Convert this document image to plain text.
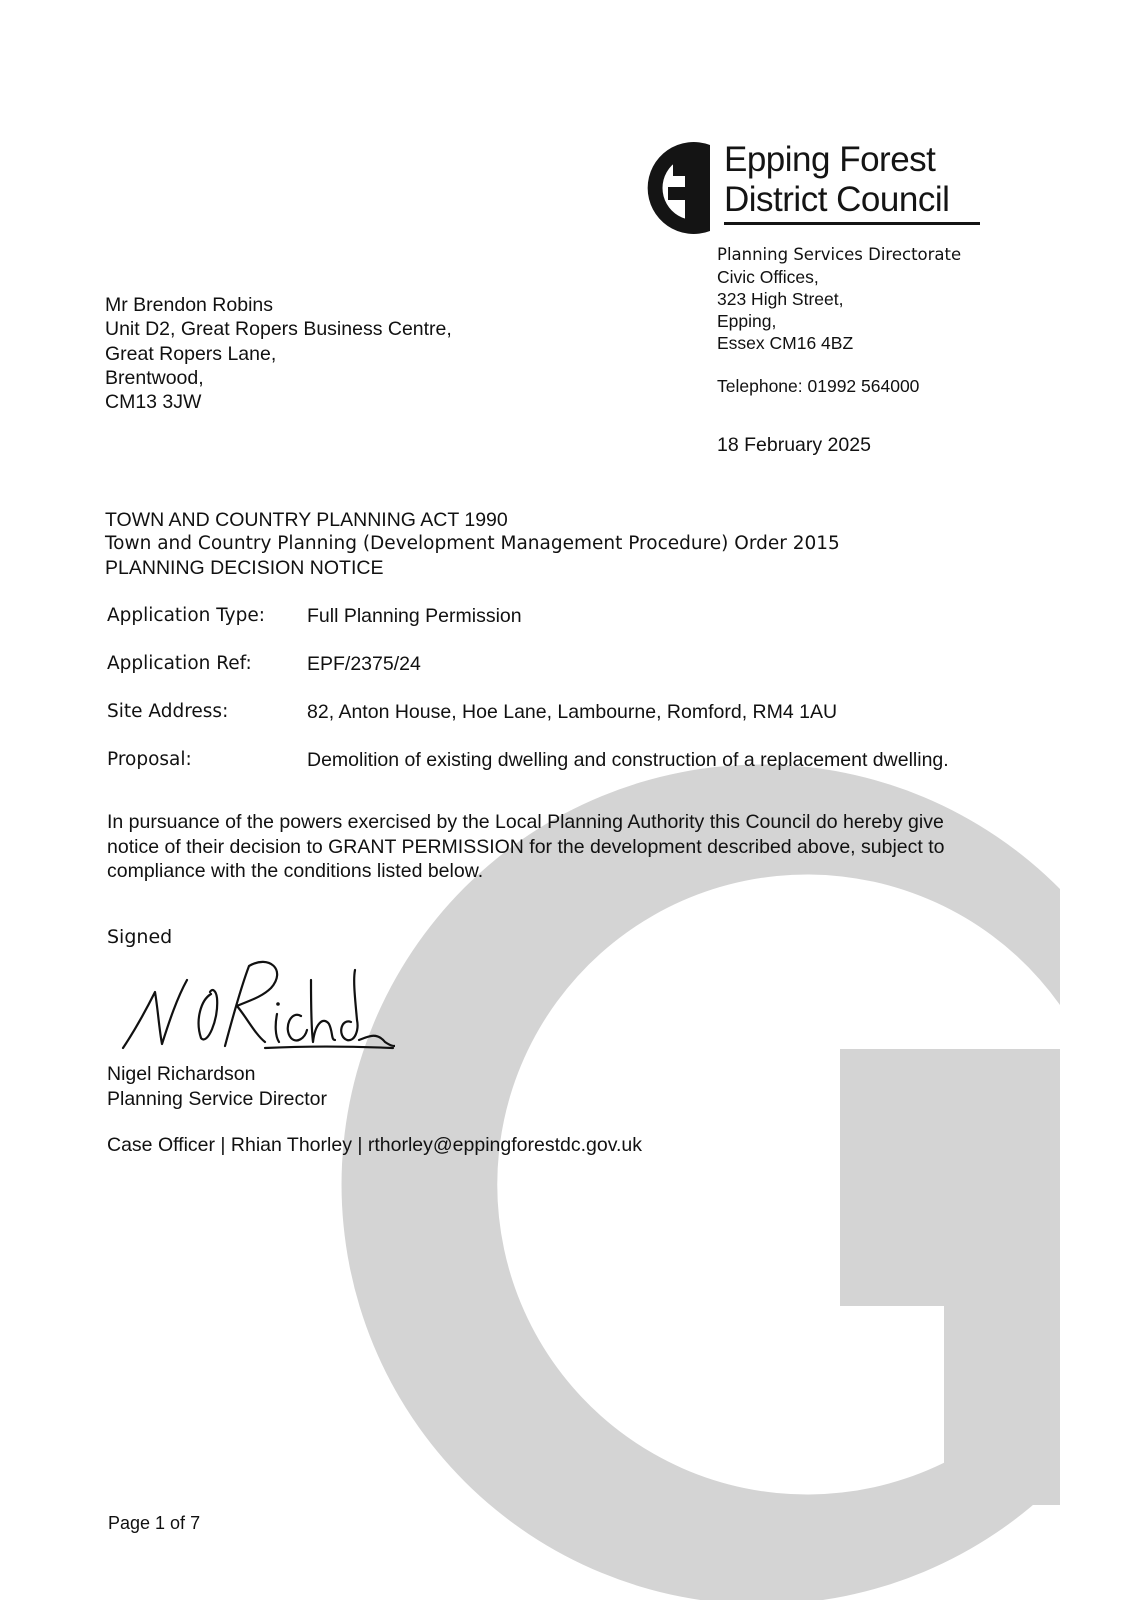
Epping Forest
District Council
Planning Services Directorate
Civic Offices,
323 High Street,
Epping,
Essex CM16 4BZ
Telephone: 01992 564000
18 February 2025
Mr Brendon Robins
Unit D2, Great Ropers Business Centre,
Great Ropers Lane,
Brentwood,
CM13 3JW
TOWN AND COUNTRY PLANNING ACT 1990
Town and Country Planning (Development Management Procedure) Order 2015
PLANNING DECISION NOTICE
Application Type: Full Planning Permission
Application Ref:	EPF/2375/24
Site Address:	82, Anton House, Hoe Lane, Lambourne, Romford, RM4 1AU
Proposal:	Demolition of existing dwelling and construction of a replacement dwelling.
In pursuance of the powers exercised by the Local Planning Authority this Council do hereby give
notice of their decision to GRANT PERMISSION for the development described above, subject to
compliance with the conditions listed below.
Signed
Nigel Richardson
Planning Service Director
Case Officer | Rhian Thorley | rthorley@eppingforestdc.gov.uk
Page 1 of 7
